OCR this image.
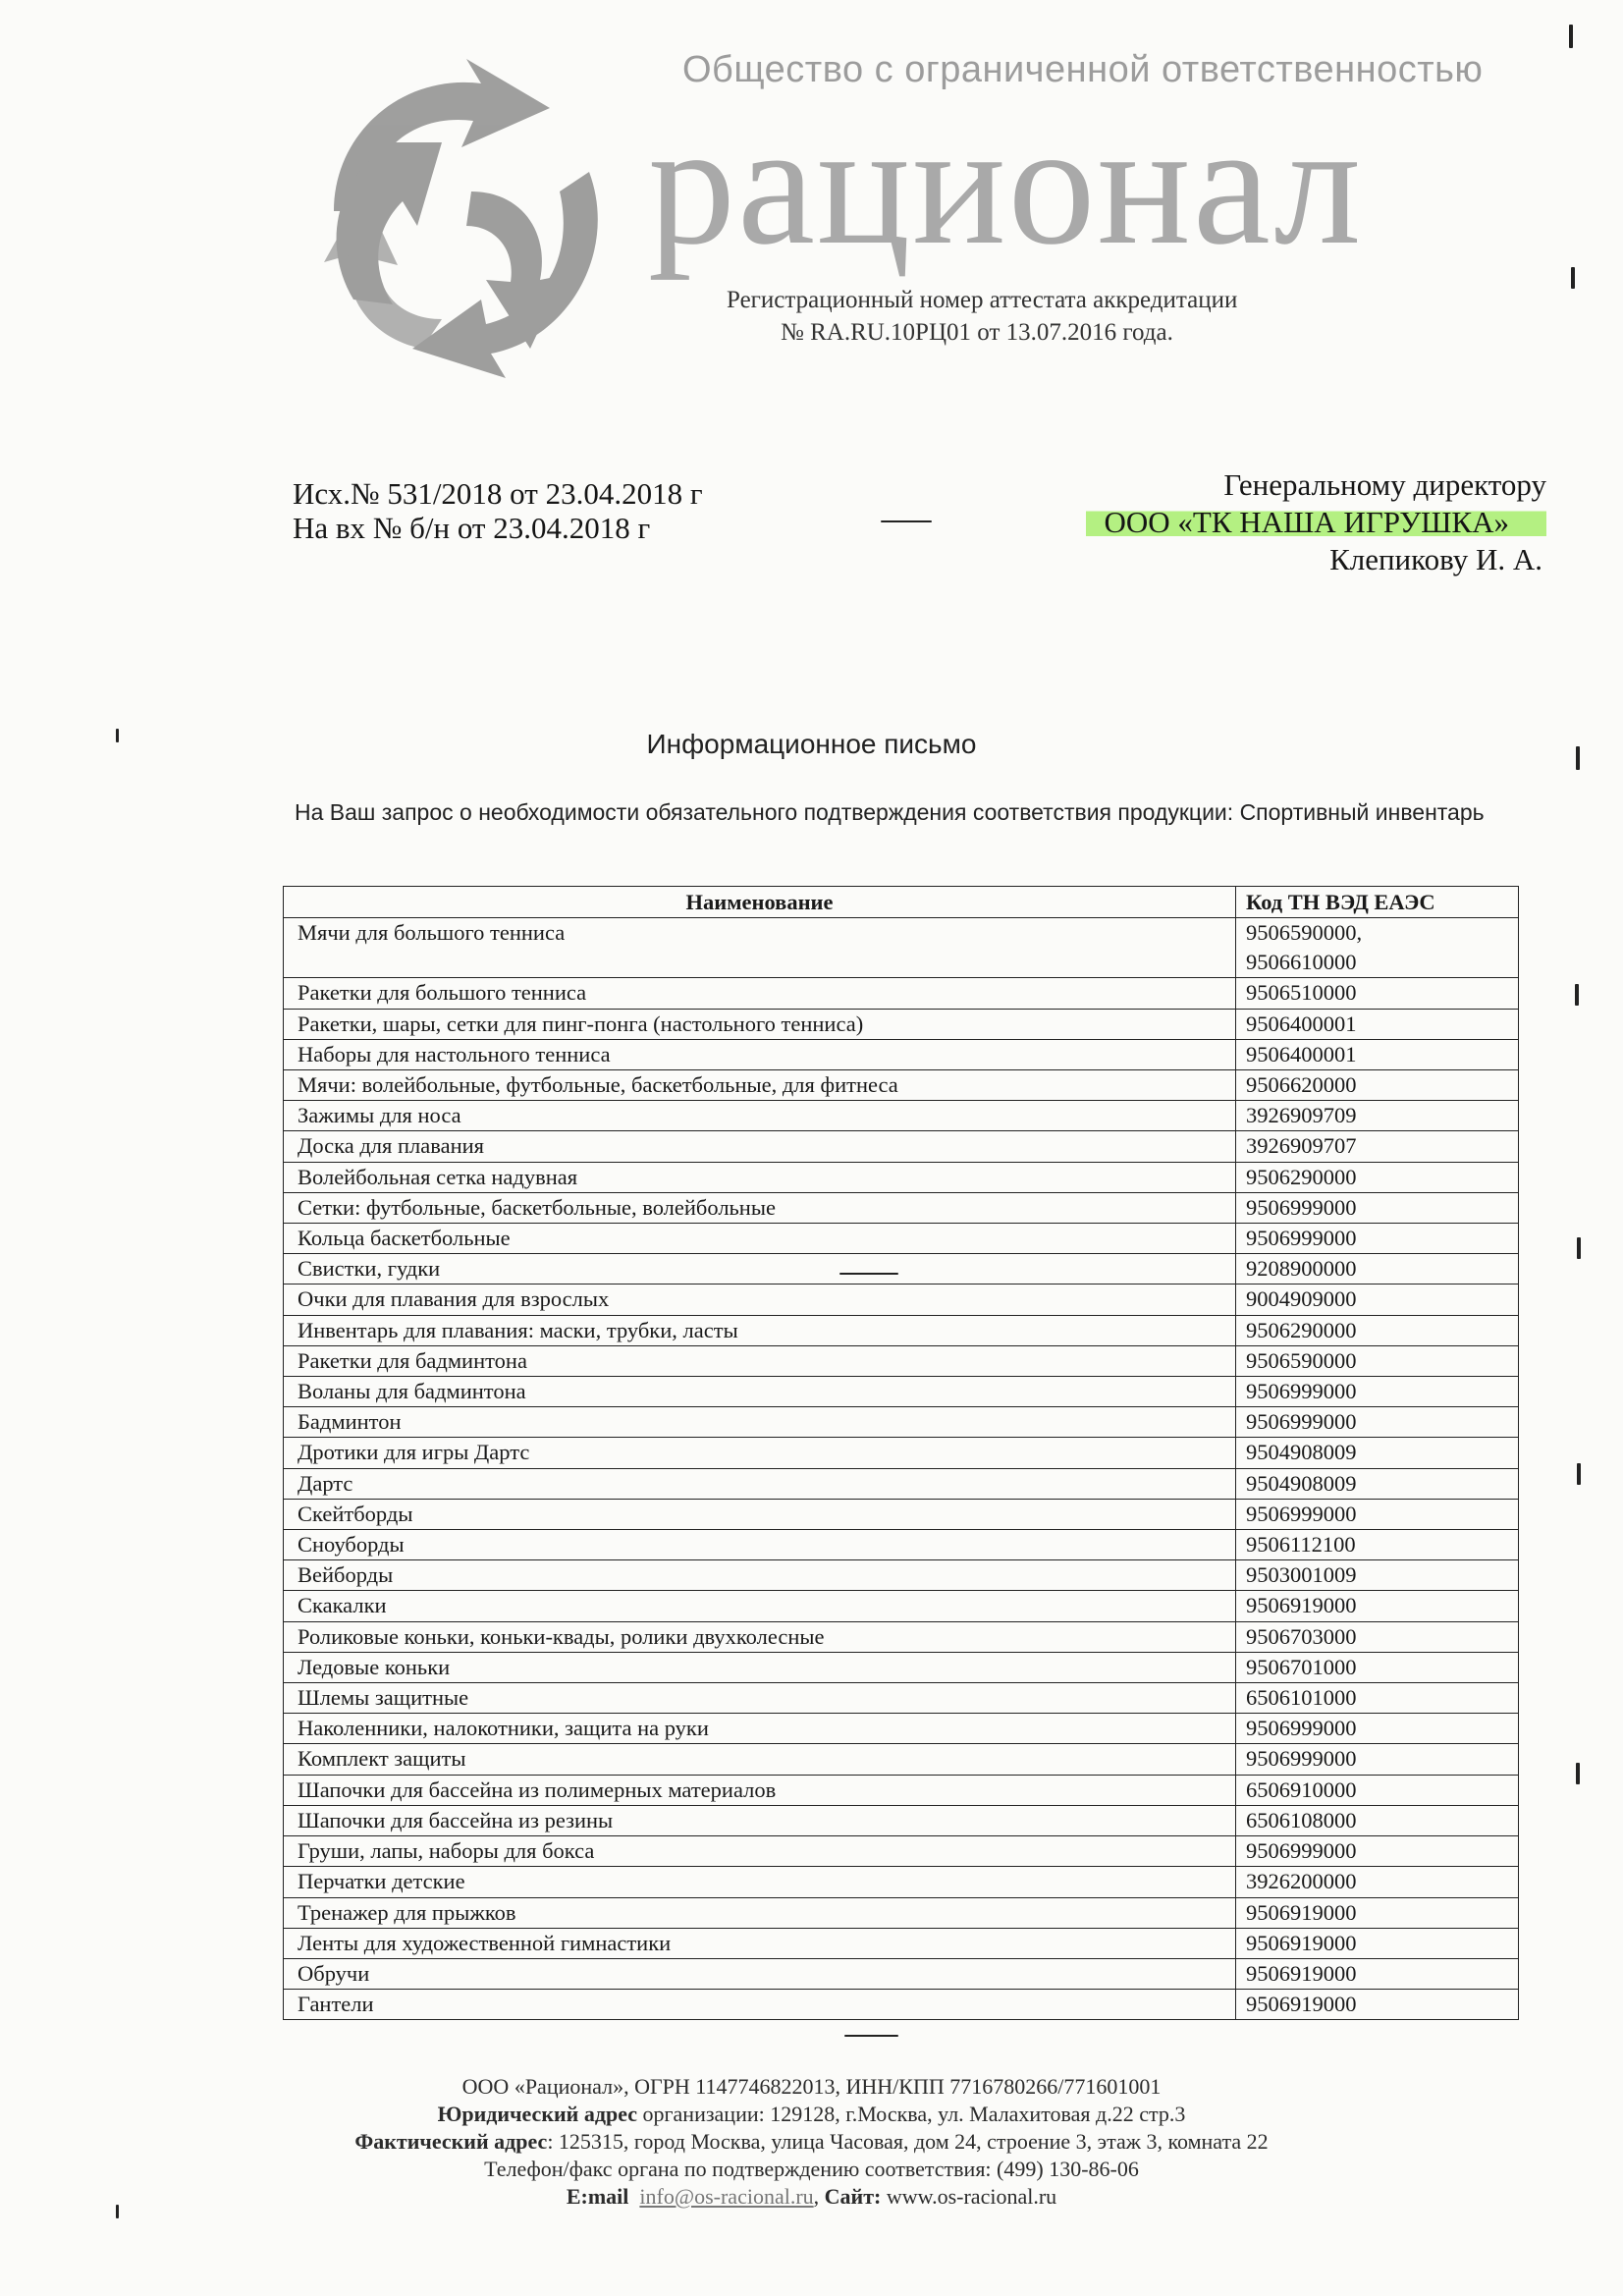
Общество с ограниченной ответственностью
рационал
Регистрационный номер аттестата аккредитации
№ RA.RU.10РЦ01 от 13.07.2016 года.
Исх.№ 531/2018 от 23.04.2018 г
На вх № б/н от 23.04.2018 г
Генеральному директору
ООО «ТК НАША ИГРУШКА»
Клепикову И. А.
Информационное письмо
На Ваш запрос о необходимости обязательного подтверждения соответствия продукции: Спортивный инвентарь
Наименование	Код ТН ВЭД ЕАЭС
Мячи для большого тенниса	9506590000,
9506610000
Ракетки для большого тенниса	9506510000
Ракетки, шары, сетки для пинг-понга (настольного тенниса)	9506400001
Наборы для настольного тенниса	9506400001
Мячи: волейбольные, футбольные, баскетбольные, для фитнеса	9506620000
Зажимы для носа	3926909709
Доска для плавания	3926909707
Волейбольная сетка надувная	9506290000
Сетки: футбольные, баскетбольные, волейбольные	9506999000
Кольца баскетбольные	9506999000
Свистки, гудки	9208900000
Очки для плавания для взрослых	9004909000
Инвентарь для плавания: маски, трубки, ласты	9506290000
Ракетки для бадминтона	9506590000
Воланы для бадминтона	9506999000
Бадминтон	9506999000
Дротики для игры Дартс	9504908009
Дартс	9504908009
Скейтборды	9506999000
Сноуборды	9506112100
Вейборды	9503001009
Скакалки	9506919000
Роликовые коньки, коньки-квады, ролики двухколесные	9506703000
Ледовые коньки	9506701000
Шлемы защитные	6506101000
Наколенники, налокотники, защита на руки	9506999000
Комплект защиты	9506999000
Шапочки для бассейна из полимерных материалов	6506910000
Шапочки для бассейна из резины	6506108000
Груши, лапы, наборы для бокса	9506999000
Перчатки детские	3926200000
Тренажер для прыжков	9506919000
Ленты для художественной гимнастики	9506919000
Обручи	9506919000
Гантели	9506919000
ООО «Рационал», ОГРН 1147746822013, ИНН/КПП 7716780266/771601001
Юридический адрес организации: 129128, г.Москва, ул. Малахитовая д.22 стр.3
Фактический адрес: 125315, город Москва, улица Часовая, дом 24, строение 3, этаж 3, комната 22
Телефон/факс органа по подтверждению соответствия: (499) 130-86-06
E:mail info@os-racional.ru, Сайт: www.os-racional.ru
